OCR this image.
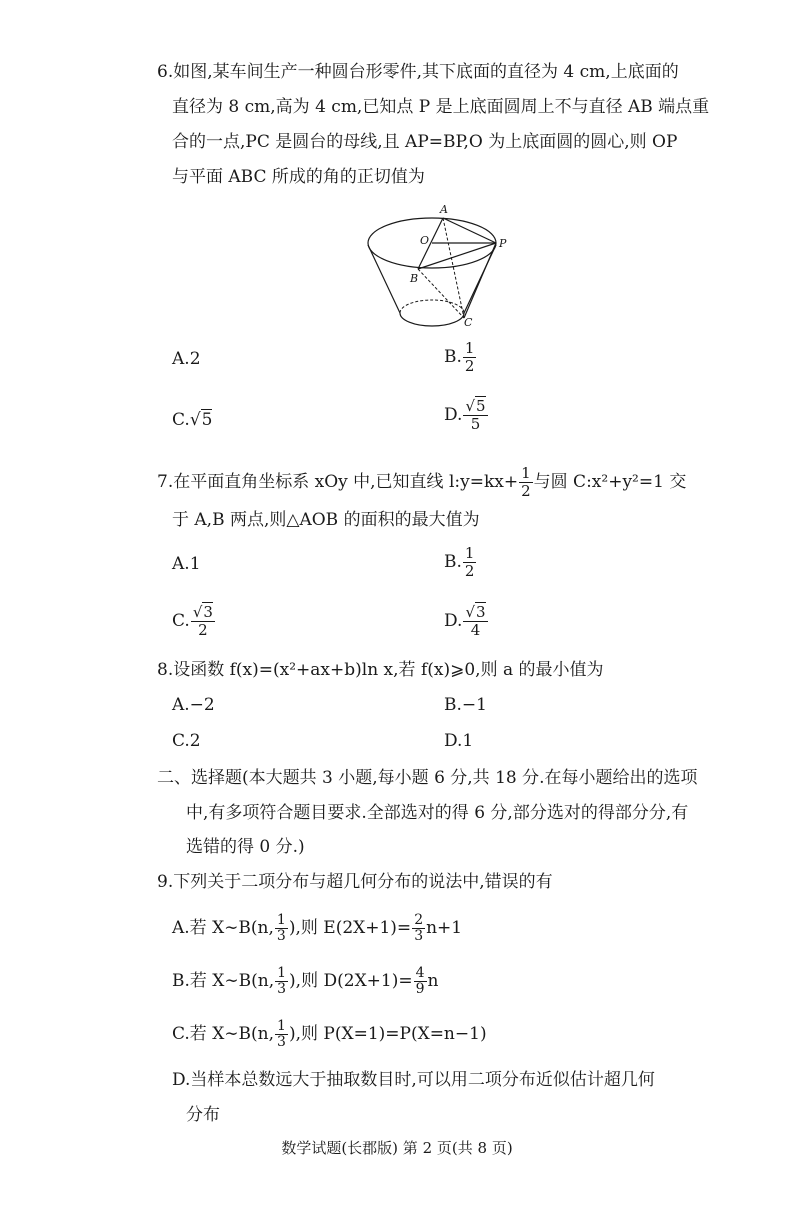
6.如图,某车间生产一种圆台形零件,其下底面的直径为 4 cm,上底面的
直径为 8 cm,高为 4 cm,已知点 P 是上底面圆周上不与直径 AB 端点重
合的一点,PC 是圆台的母线,且 AP=BP,O 为上底面圆的圆心,则 OP
与平面 ABC 所成的角的正切值为
A
O	P
B
C
A.2	B. $\frac{1}{2}$
C.√5	D. $\frac{√5}{5}$
7.在平面直角坐标系 xOy 中,已知直线 l:y=kx+ $\frac{1}{2}$ 与圆 C:x²+y²=1 交
于 A,B 两点,则△AOB 的面积的最大值为
A.1	B. $\frac{1}{2}$
C. $\frac{√3}{2}$	D. $\frac{√3}{4}$
8.设函数 f(x)=(x²+ax+b)ln x,若 f(x)⩾0,则 a 的最小值为
A.−2	B.−1
C.2	D.1
二、选择题(本大题共 3 小题,每小题 6 分,共 18 分.在每小题给出的选项
中,有多项符合题目要求.全部选对的得 6 分,部分选对的得部分分,有
选错的得 0 分.)
9.下列关于二项分布与超几何分布的说法中,错误的有
A.若 X∼B(n, $\frac{1}{3}$ ),则 $E(2X+1)= \frac{2}{3} n+1$
B.若 X∼B(n, $\frac{1}{3}$ ),则 $D(2X+1)= \frac{4}{9}$ n
C.若 X∼B(n, $\frac{1}{3}$ ),则 P(X=1)=P(X=n−1)
D.当样本总数远大于抽取数目时,可以用二项分布近似估计超几何
分布
数学试题(长郡版) 第 2 页(共 8 页)
